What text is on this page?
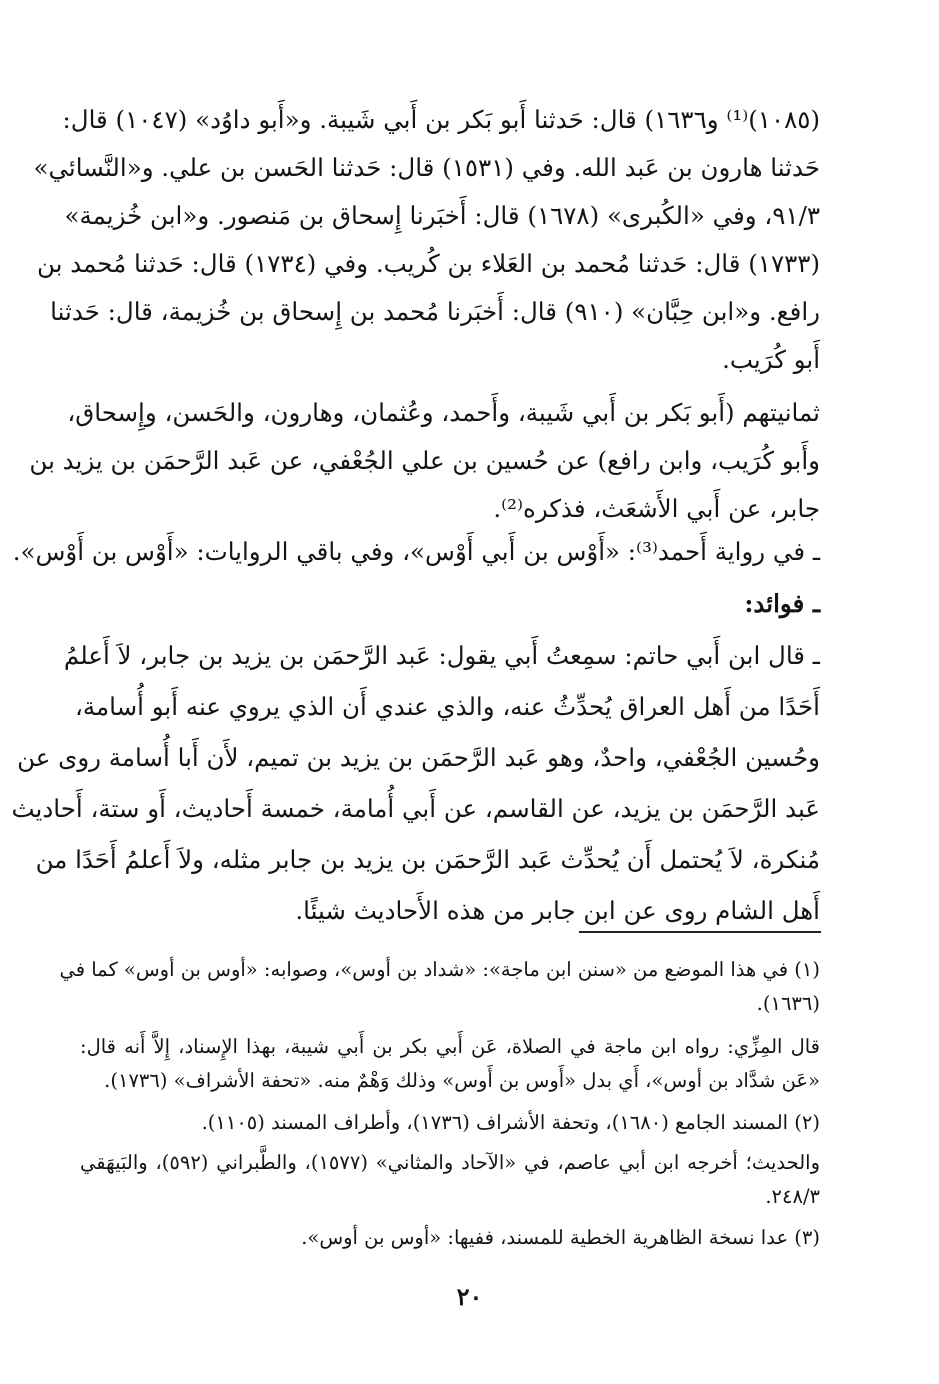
(١٠٨٥)⁽¹⁾ و١٦٣٦) قال: حَدثنا أَبو بَكر بن أَبي شَيبة. و«أَبو داوُد» (١٠٤٧) قال:
حَدثنا هارون بن عَبد الله. وفي (١٥٣١) قال: حَدثنا الحَسن بن علي. و«النَّسائي»
٩١/٣، وفي «الكُبرى» (١٦٧٨) قال: أَخبَرنا إِسحاق بن مَنصور. و«ابن خُزيمة»
(١٧٣٣) قال: حَدثنا مُحمد بن العَلاء بن كُريب. وفي (١٧٣٤) قال: حَدثنا مُحمد بن
رافع. و«ابن حِبَّان» (٩١٠) قال: أَخبَرنا مُحمد بن إِسحاق بن خُزيمة، قال: حَدثنا
أَبو كُرَيب.
ثمانيتهم (أَبو بَكر بن أَبي شَيبة، وأَحمد، وعُثمان، وهارون، والحَسن، وإِسحاق،
وأَبو كُرَيب، وابن رافع) عن حُسين بن علي الجُعْفي، عن عَبد الرَّحمَن بن يزيد بن
جابر، عن أَبي الأَشعَث، فذكره⁽²⁾.
ـ في رواية أَحمد⁽³⁾: «أَوْس بن أَبي أَوْس»، وفي باقي الروايات: «أَوْس بن أَوْس».
ـ فوائد:
ـ قال ابن أَبي حاتم: سمِعتُ أَبي يقول: عَبد الرَّحمَن بن يزيد بن جابر، لاَ أَعلمُ
أَحَدًا من أَهل العراق يُحدِّثُ عنه، والذي عندي أَن الذي يروي عنه أَبو أُسامة،
وحُسين الجُعْفي، واحدٌ، وهو عَبد الرَّحمَن بن يزيد بن تميم، لأَن أَبا أُسامة روى عن
عَبد الرَّحمَن بن يزيد، عن القاسم، عن أَبي أُمامة، خمسة أَحاديث، أَو ستة، أَحاديث
مُنكرة، لاَ يُحتمل أَن يُحدِّث عَبد الرَّحمَن بن يزيد بن جابر مثله، ولاَ أَعلمُ أَحَدًا من
أَهل الشام روى عن ابن جابر من هذه الأَحاديث شيئًا.
(١) في هذا الموضع من «سنن ابن ماجة»: «شداد بن أوس»، وصوابه: «أوس بن أوس» كما في
(١٦٣٦).
قال المِزِّي: رواه ابن ماجة في الصلاة، عَن أَبي بكر بن أَبي شيبة، بهذا الإِسناد، إِلاَّ أَنه قال:
«عَن شدَّاد بن أوس»، أَي بدل «أَوس بن أَوس» وذلك وَهْمٌ منه. «تحفة الأشراف» (١٧٣٦).
(٢) المسند الجامع (١٦٨٠)، وتحفة الأشراف (١٧٣٦)، وأطراف المسند (١١٠٥).
والحديث؛ أخرجه ابن أبي عاصم، في «الآحاد والمثاني» (١٥٧٧)، والطَّبراني (٥٩٢)، والبَيهَقي
٢٤٨/٣.
(٣) عدا نسخة الظاهرية الخطية للمسند، ففيها: «أوس بن أوس».
٢٠
